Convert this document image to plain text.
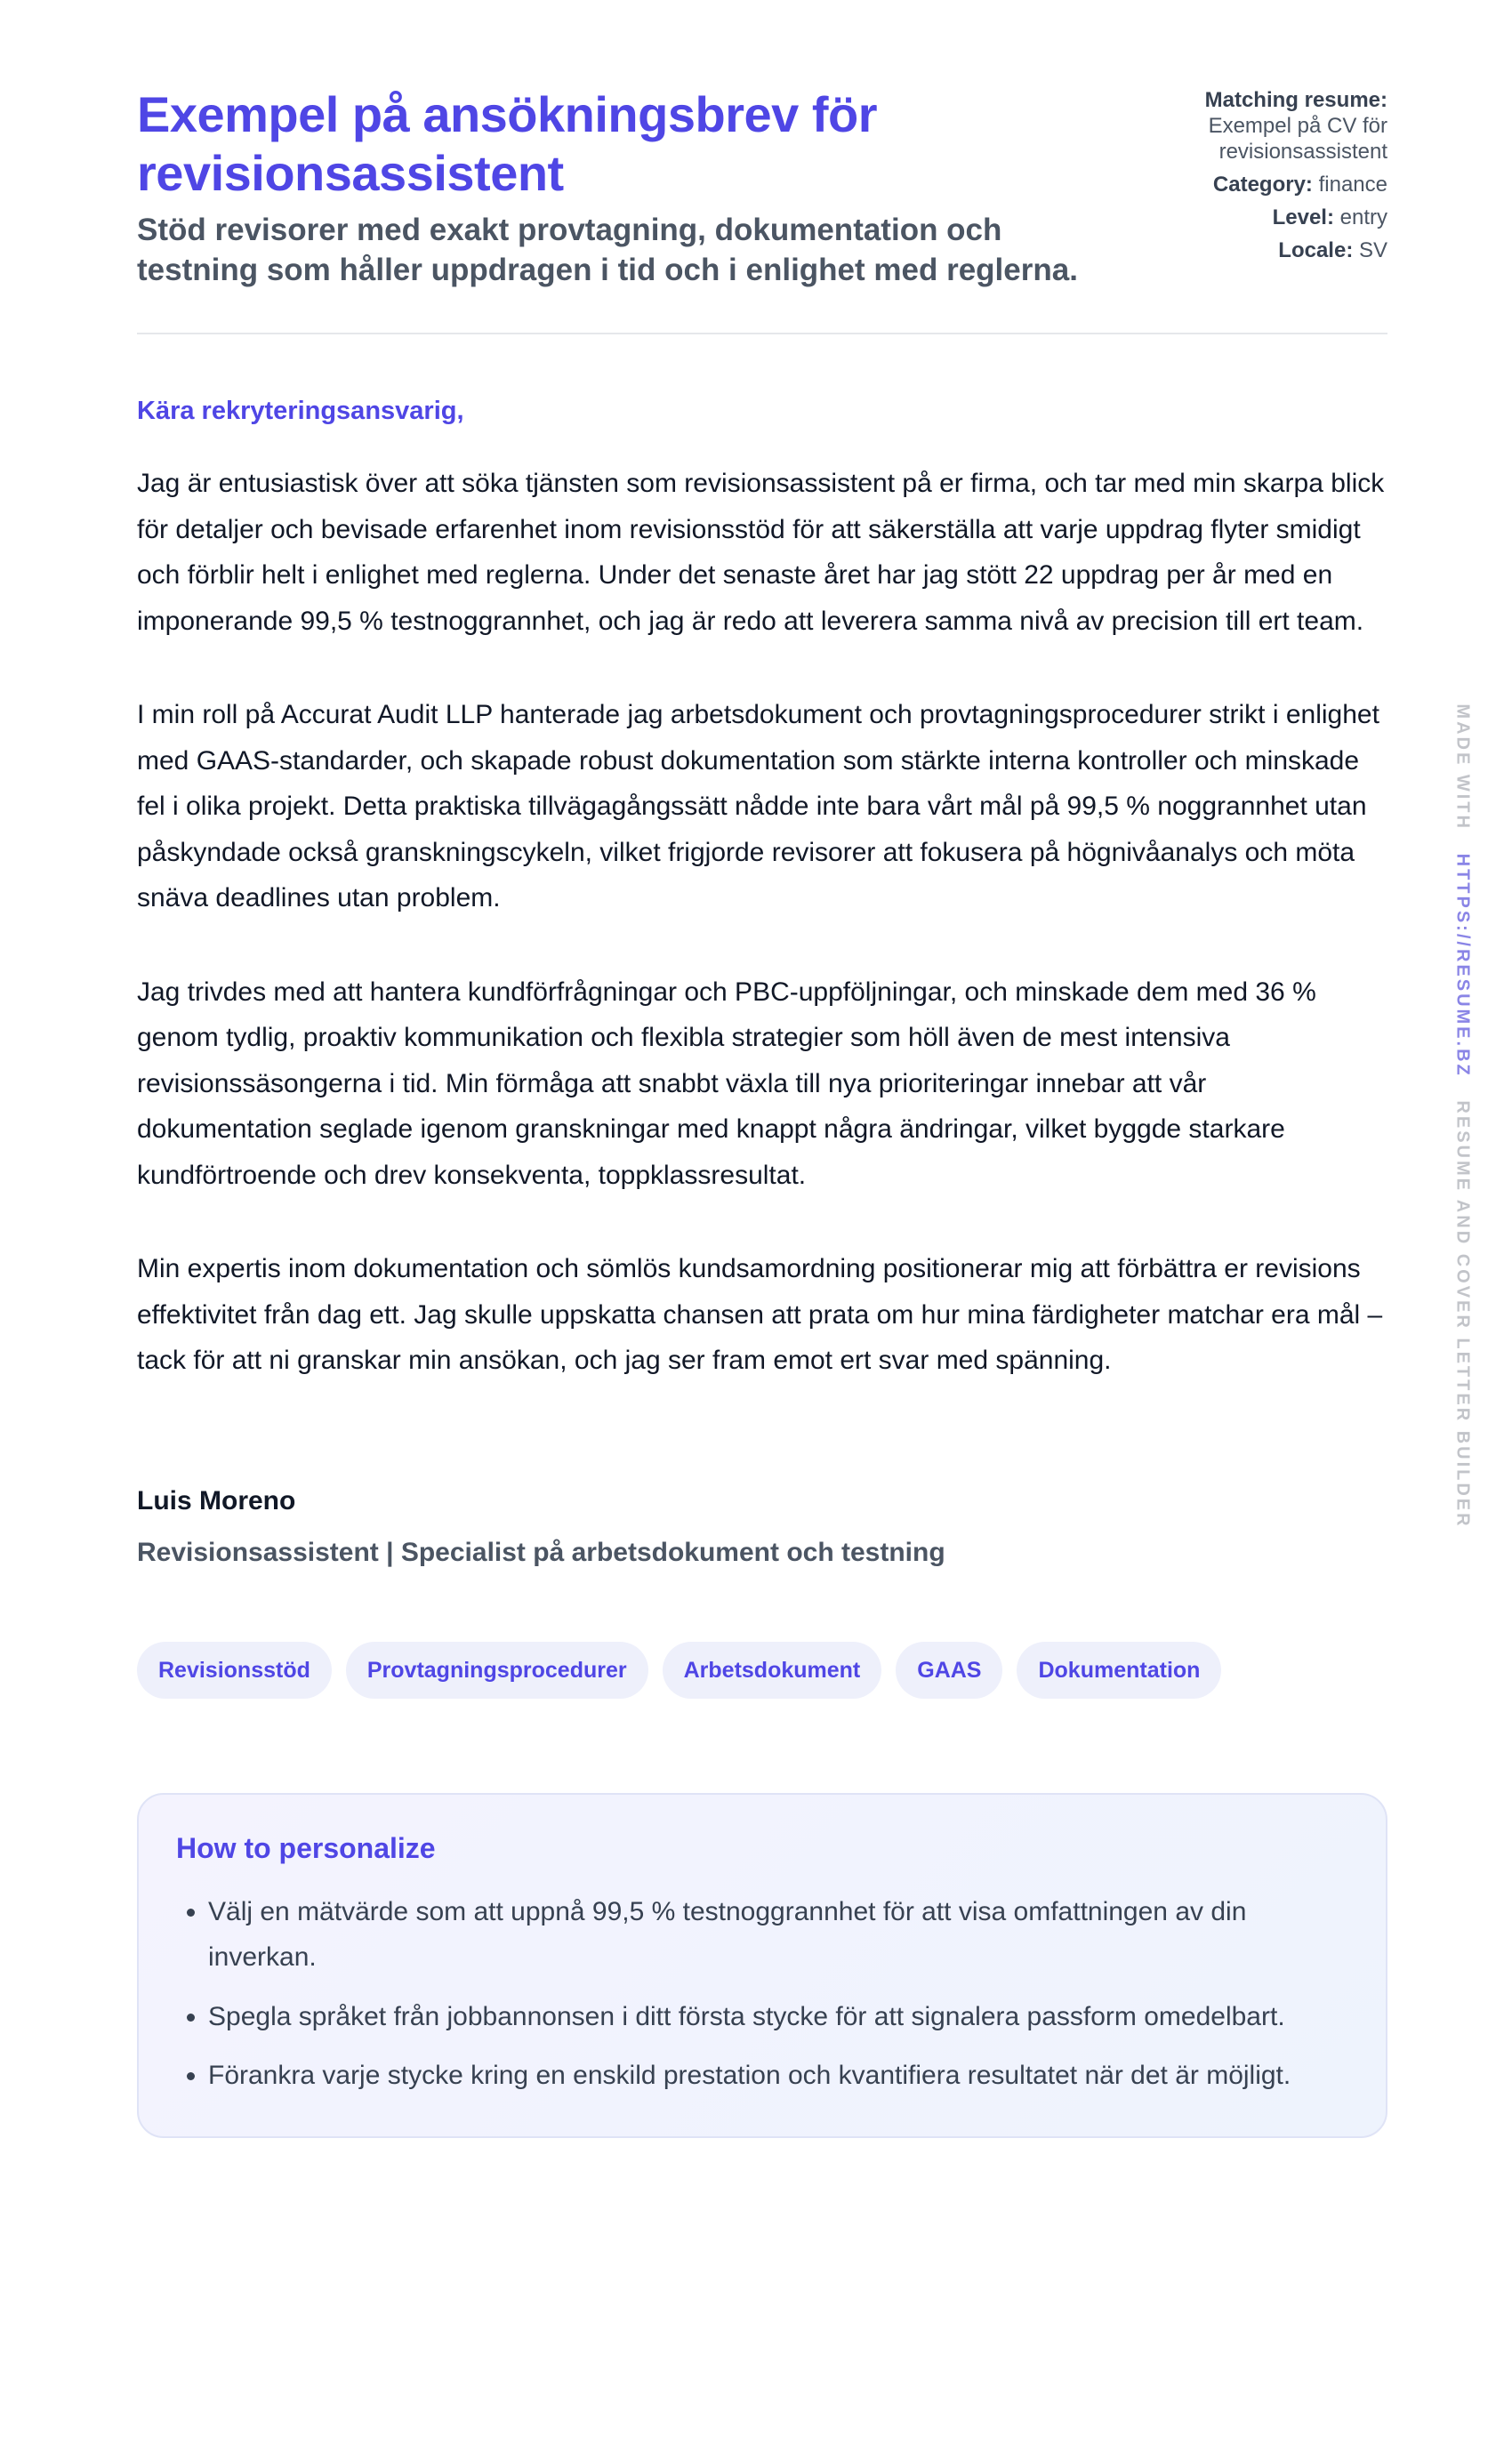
Exempel på ansökningsbrev för revisionsassistent

Stöd revisorer med exakt provtagning, dokumentation och testning som håller uppdragen i tid och i enlighet med reglerna.

Matching resume:
Exempel på CV för revisionsassistent
Category: finance
Level: entry
Locale: SV

Kära rekryteringsansvarig,

Jag är entusiastisk över att söka tjänsten som revisionsassistent på er firma, och tar med min skarpa blick för detaljer och bevisade erfarenhet inom revisionsstöd för att säkerställa att varje uppdrag flyter smidigt och förblir helt i enlighet med reglerna. Under det senaste året har jag stött 22 uppdrag per år med en imponerande 99,5 % testnoggrannhet, och jag är redo att leverera samma nivå av precision till ert team.

I min roll på Accurat Audit LLP hanterade jag arbetsdokument och provtagningsprocedurer strikt i enlighet med GAAS-standarder, och skapade robust dokumentation som stärkte interna kontroller och minskade fel i olika projekt. Detta praktiska tillvägagångssätt nådde inte bara vårt mål på 99,5 % noggrannhet utan påskyndade också granskningscykeln, vilket frigjorde revisorer att fokusera på högnivåanalys och möta snäva deadlines utan problem.

Jag trivdes med att hantera kundförfrågningar och PBC-uppföljningar, och minskade dem med 36 % genom tydlig, proaktiv kommunikation och flexibla strategier som höll även de mest intensiva revisionssäsongerna i tid. Min förmåga att snabbt växla till nya prioriteringar innebar att vår dokumentation seglade igenom granskningar med knappt några ändringar, vilket byggde starkare kundförtroende och drev konsekventa, toppklassresultat.

Min expertis inom dokumentation och sömlös kundsamordning positionerar mig att förbättra er revisions effektivitet från dag ett. Jag skulle uppskatta chansen att prata om hur mina färdigheter matchar era mål – tack för att ni granskar min ansökan, och jag ser fram emot ert svar med spänning.

Luis Moreno

Revisionsassistent | Specialist på arbetsdokument och testning

Revisionsstöd	Provtagningsprocedurer	Arbetsdokument	GAAS	Dokumentation

How to personalize

• Välj en mätvärde som att uppnå 99,5 % testnoggrannhet för att visa omfattningen av din inverkan.
• Spegla språket från jobbannonsen i ditt första stycke för att signalera passform omedelbart.
• Förankra varje stycke kring en enskild prestation och kvantifiera resultatet när det är möjligt.
MADE WITH   HTTPS://RESUME.BZ   RESUME AND COVER LETTER BUILDER
